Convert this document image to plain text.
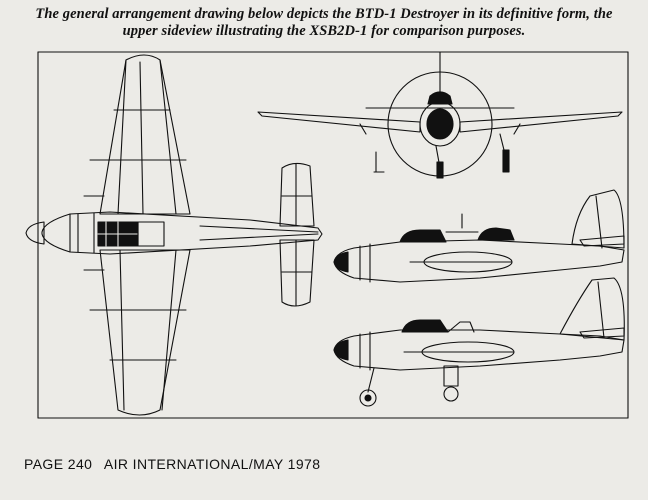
The general arrangement drawing below depicts the BTD-1 Destroyer in its definitive form, the
upper sideview illustrating the XSB2D-1 for comparison purposes.
PAGE 240 AIR INTERNATIONAL/MAY 1978
